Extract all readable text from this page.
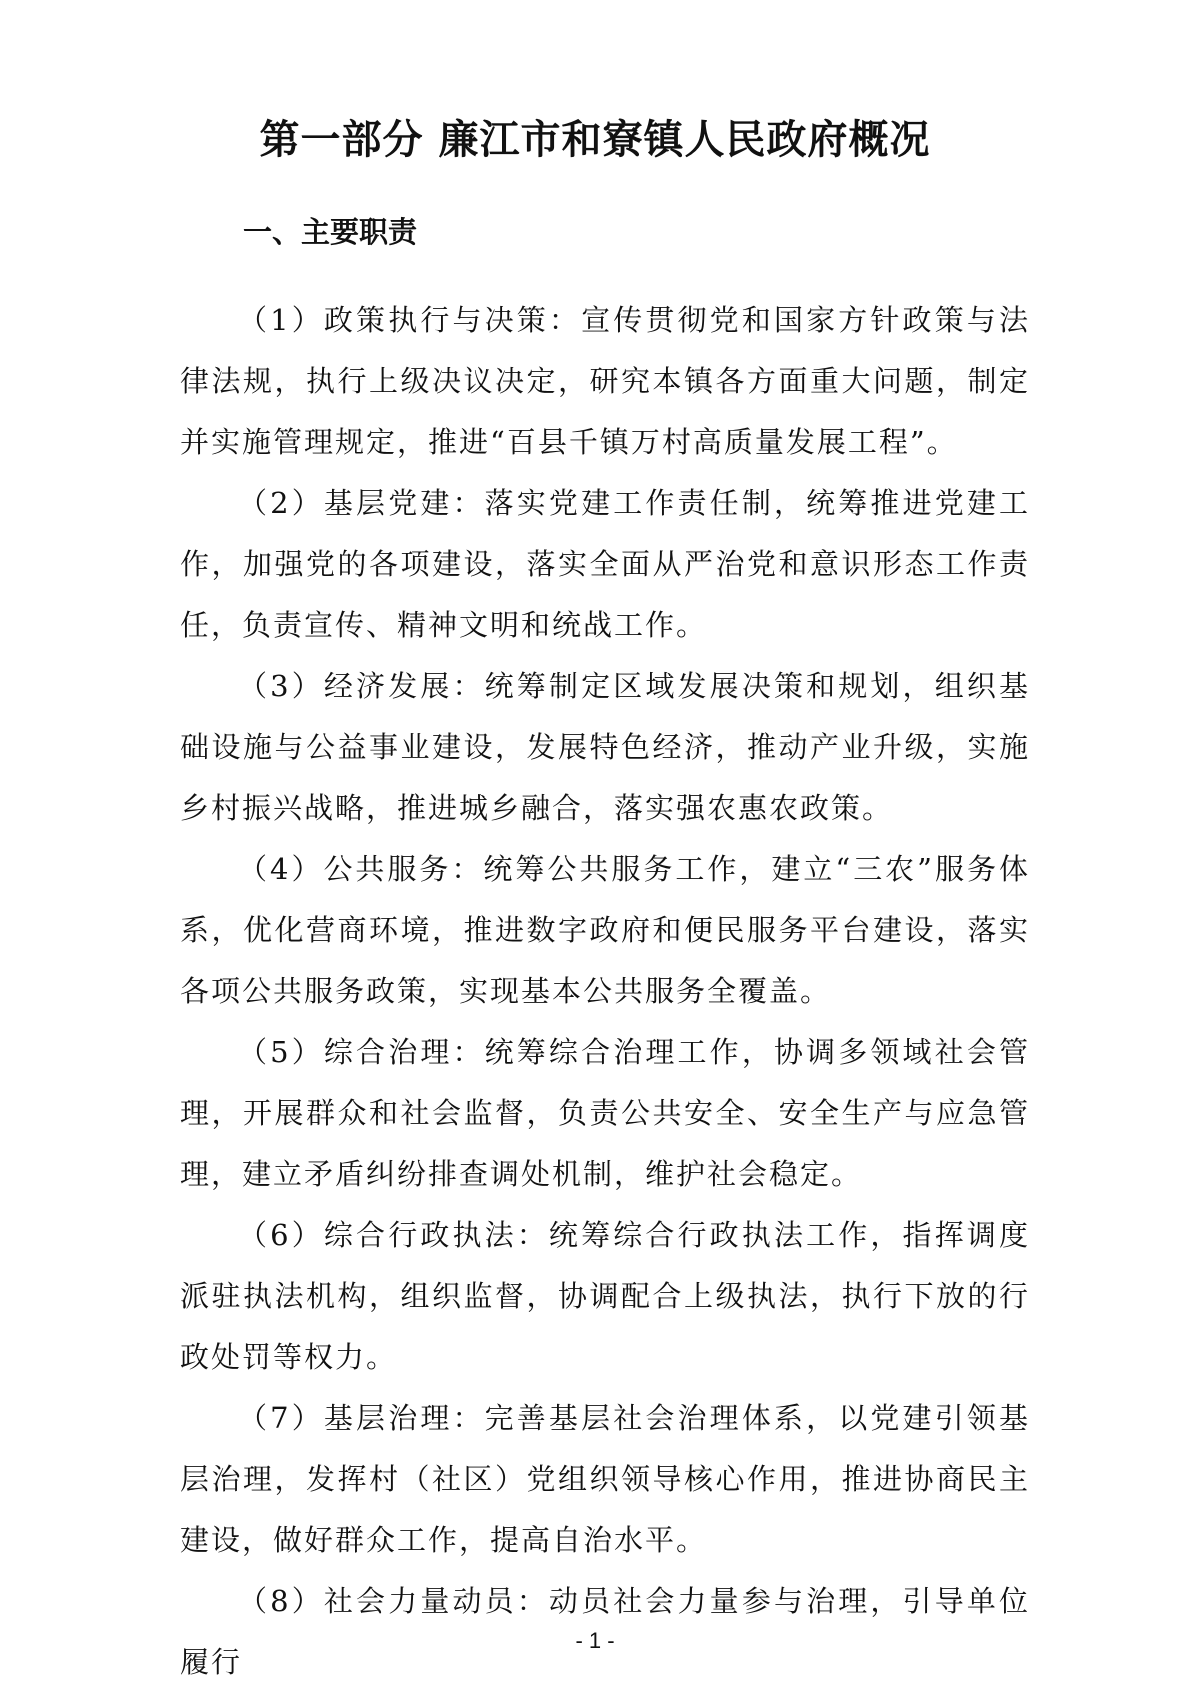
第一部分 廉江市和寮镇人民政府概况
一、主要职责

（1）政策执行与决策：宣传贯彻党和国家方针政策与法律法规，执行上级决议决定，研究本镇各方面重大问题，制定并实施管理规定，推进“百县千镇万村高质量发展工程”。

（2）基层党建：落实党建工作责任制，统筹推进党建工作，加强党的各项建设，落实全面从严治党和意识形态工作责任，负责宣传、精神文明和统战工作。

（3）经济发展：统筹制定区域发展决策和规划，组织基础设施与公益事业建设，发展特色经济，推动产业升级，实施乡村振兴战略，推进城乡融合，落实强农惠农政策。

（4）公共服务：统筹公共服务工作，建立“三农”服务体系，优化营商环境，推进数字政府和便民服务平台建设，落实各项公共服务政策，实现基本公共服务全覆盖。

（5）综合治理：统筹综合治理工作，协调多领域社会管理，开展群众和社会监督，负责公共安全、安全生产与应急管理，建立矛盾纠纷排查调处机制，维护社会稳定。

（6）综合行政执法：统筹综合行政执法工作，指挥调度派驻执法机构，组织监督，协调配合上级执法，执行下放的行政处罚等权力。

（7）基层治理：完善基层社会治理体系，以党建引领基层治理，发挥村（社区）党组织领导核心作用，推进协商民主建设，做好群众工作，提高自治水平。

（8）社会力量动员：动员社会力量参与治理，引导单位履行

- 1 -
